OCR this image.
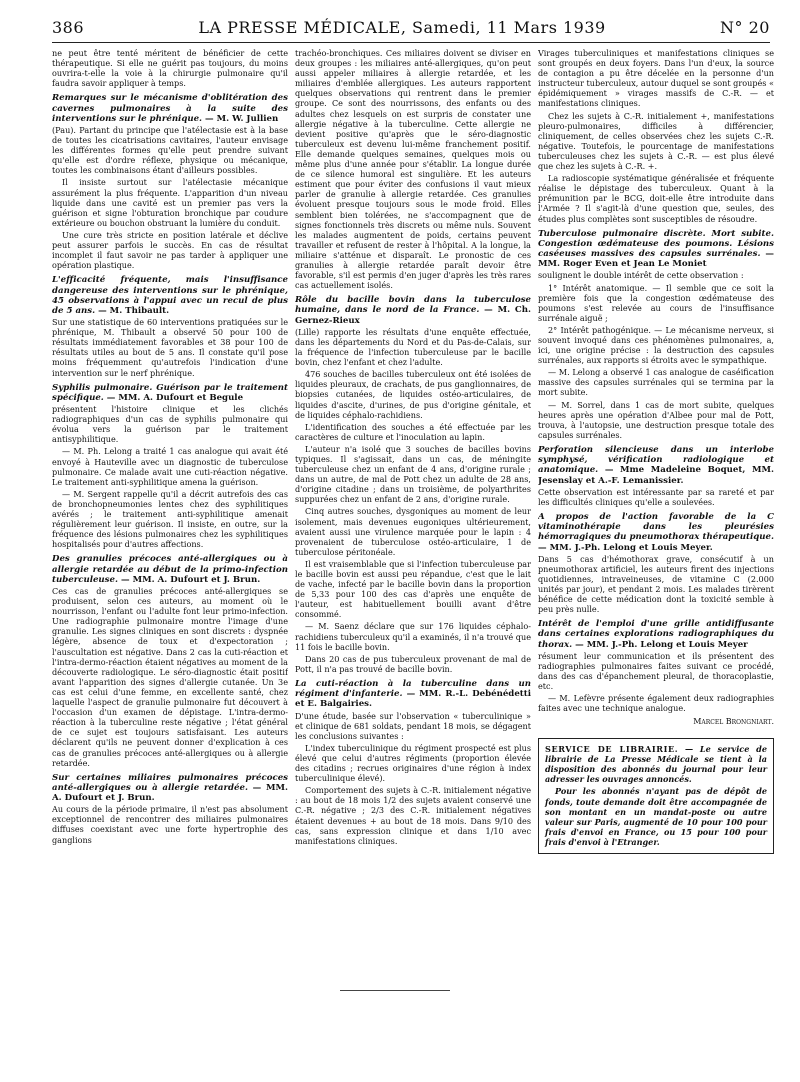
386	LA PRESSE MÉDICALE, Samedi, 11 Mars 1939	N° 20

ne peut être tenté méritent de bénéficier de cette thérapeutique. Si elle ne guérit pas toujours, du moins ouvrira-t-elle la voie à la chirurgie pulmonaire qu'il faudra savoir appliquer à temps.

Remarques sur le mécanisme d'oblitération des cavernes pulmonaires à la suite des interventions sur le phrénique. — M. W. Jullien

(Pau). Partant du principe que l'atélectasie est à la base de toutes les cicatrisations cavitaires, l'auteur envisage les différentes formes qu'elle peut prendre suivant qu'elle est d'ordre réflexe, physique ou mécanique, toutes les combinaisons étant d'ailleurs possibles.

Il insiste surtout sur l'atélectasie mécanique assurément la plus fréquente. L'apparition d'un niveau liquide dans une cavité est un premier pas vers la guérison et signe l'obturation bronchique par coudure extérieure ou bouchon obstruant la lumière du conduit.

Une cure très stricte en position latérale et déclive peut assurer parfois le succès. En cas de résultat incomplet il faut savoir ne pas tarder à appliquer une opération plastique.

L'efficacité fréquente, mais l'insuffisance dangereuse des interventions sur le phrénique, 45 observations à l'appui avec un recul de plus de 5 ans. — M. Thibault.

Sur une statistique de 60 interventions pratiquées sur le phrénique, M. Thibault a observé 50 pour 100 de résultats immédiatement favorables et 38 pour 100 de résultats utiles au bout de 5 ans. Il constate qu'il pose moins fréquemment qu'autrefois l'indication d'une intervention sur le nerf phrénique.

Syphilis pulmonaire. Guérison par le traitement spécifique. — MM. A. Dufourt et Begule

présentent l'histoire clinique et les clichés radiographiques d'un cas de syphilis pulmonaire qui évolua vers la guérison par le traitement antisyphilitique.

— M. Ph. Lelong a traité 1 cas analogue qui avait été envoyé à Hauteville avec un diagnostic de tuberculose pulmonaire. Ce malade avait une cuti-réaction négative. Le traitement anti-syphilitique amena la guérison.

— M. Sergent rappelle qu'il a décrit autrefois des cas de bronchopneumonies lentes chez des syphilitiques avérés ; le traitement anti-syphilitique amenait régulièrement leur guérison. Il insiste, en outre, sur la fréquence des lésions pulmonaires chez les syphilitiques hospitalisés pour d'autres affections.

Des granulies précoces anté-allergiques ou à allergie retardée au début de la primo-infection tuberculeuse. — MM. A. Dufourt et J. Brun.

Ces cas de granulies précoces anté-allergiques se produisent, selon ces auteurs, au moment où le nourrisson, l'enfant ou l'adulte font leur primo-infection. Une radiographie pulmonaire montre l'image d'une granulie. Les signes cliniques en sont discrets : dyspnée légère, absence de toux et d'expectoration ; l'auscultation est négative. Dans 2 cas la cuti-réaction et l'intra-dermo-réaction étaient négatives au moment de la découverte radiologique. Le séro-diagnostic était positif avant l'apparition des signes d'allergie cutanée. Un 3e cas est celui d'une femme, en excellente santé, chez laquelle l'aspect de granulie pulmonaire fut découvert à l'occasion d'un examen de dépistage. L'intra-dermo-réaction à la tuberculine reste négative ; l'état général de ce sujet est toujours satisfaisant. Les auteurs déclarent qu'ils ne peuvent donner d'explication à ces cas de granulies précoces anté-allergiques ou à allergie retardée.

Sur certaines miliaires pulmonaires précoces anté-allergiques ou à allergie retardée. — MM. A. Dufourt et J. Brun.

Au cours de la période primaire, il n'est pas absolument exceptionnel de rencontrer des miliaires pulmonaires diffuses coexistant avec une forte hypertrophie des ganglions

trachéo-bronchiques. Ces miliaires doivent se diviser en deux groupes : les miliaires anté-allergiques, qu'on peut aussi appeler miliaires à allergie retardée, et les miliaires d'emblée allergiques. Les auteurs rapportent quelques observations qui rentrent dans le premier groupe. Ce sont des nourrissons, des enfants ou des adultes chez lesquels on est surpris de constater une allergie négative à la tuberculine. Cette allergie ne devient positive qu'après que le séro-diagnostic tuberculeux est devenu lui-même franchement positif. Elle demande quelques semaines, quelques mois ou même plus d'une année pour s'établir. La longue durée de ce silence humoral est singulière. Et les auteurs estiment que pour éviter des confusions il vaut mieux parler de granulie à allergie retardée. Ces granulies évoluent presque toujours sous le mode froid. Elles semblent bien tolérées, ne s'accompagnent que de signes fonctionnels très discrets ou même nuls. Souvent les malades augmentent de poids, certains peuvent travailler et refusent de rester à l'hôpital. A la longue, la miliaire s'atténue et disparaît. Le pronostic de ces granulies à allergie retardée paraît devoir être favorable, s'il est permis d'en juger d'après les très rares cas actuellement isolés.

Rôle du bacille bovin dans la tuberculose humaine, dans le nord de la France. — M. Ch. Gernez-Rieux

(Lille) rapporte les résultats d'une enquête effectuée, dans les départements du Nord et du Pas-de-Calais, sur la fréquence de l'infection tuberculeuse par le bacille bovin, chez l'enfant et chez l'adulte.

476 souches de bacilles tuberculeux ont été isolées de liquides pleuraux, de crachats, de pus ganglionnaires, de biopsies cutanées, de liquides ostéo-articulaires, de liquides d'ascite, d'urines, de pus d'origine génitale, et de liquides céphalo-rachidiens.

L'identification des souches a été effectuée par les caractères de culture et l'inoculation au lapin.

L'auteur n'a isolé que 3 souches de bacilles bovins typiques. Il s'agissait, dans un cas, de méningite tuberculeuse chez un enfant de 4 ans, d'origine rurale ; dans un autre, de mal de Pott chez un adulte de 28 ans, d'origine citadine ; dans un troisième, de polyarthrites suppurées chez un enfant de 2 ans, d'origine rurale.

Cinq autres souches, dysgoniques au moment de leur isolement, mais devenues eugoniques ultérieurement, avaient aussi une virulence marquée pour le lapin : 4 provenaient de tuberculose ostéo-articulaire, 1 de tuberculose péritonéale.

Il est vraisemblable que si l'infection tuberculeuse par le bacille bovin est aussi peu répandue, c'est que le lait de vache, infecté par le bacille bovin dans la proportion de 5,33 pour 100 des cas d'après une enquête de l'auteur, est habituellement bouilli avant d'être consommé.

— M. Saenz déclare que sur 176 liquides céphalo-rachidiens tuberculeux qu'il a examinés, il n'a trouvé que 11 fois le bacille bovin.

Dans 20 cas de pus tuberculeux provenant de mal de Pott, il n'a pas trouvé de bacille bovin.

La cuti-réaction à la tuberculine dans un régiment d'infanterie. — MM. R.-L. Debénédetti et E. Balgairies.

D'une étude, basée sur l'observation « tuberculinique » et clinique de 681 soldats, pendant 18 mois, se dégagent les conclusions suivantes :

L'index tuberculinique du régiment prospecté est plus élevé que celui d'autres régiments (proportion élevée des citadins ; recrues originaires d'une région à index tuberculinique élevé).

Comportement des sujets à C.-R. initialement négative : au bout de 18 mois 1/2 des sujets avaient conservé une C.-R. négative ; 2/3 des C.-R. initialement négatives étaient devenues + au bout de 18 mois. Dans 9/10 des cas, sans expression clinique et dans 1/10 avec manifestations cliniques.

Virages tuberculiniques et manifestations cliniques se sont groupés en deux foyers. Dans l'un d'eux, la source de contagion a pu être décelée en la personne d'un instructeur tuberculeux, autour duquel se sont groupés « épidémiquement » virages massifs de C.-R. — et manifestations cliniques.

Chez les sujets à C.-R. initialement +, manifestations pleuro-pulmonaires, difficiles à différencier, cliniquement, de celles observées chez les sujets C.-R. négative. Toutefois, le pourcentage de manifestations tuberculeuses chez les sujets à C.-R. — est plus élevé que chez les sujets à C.-R. +.

La radioscopie systématique généralisée et fréquente réalise le dépistage des tuberculeux. Quant à la prémunition par le BCG, doit-elle être introduite dans l'Armée ? Il s'agit-là d'une question que, seules, des études plus complètes sont susceptibles de résoudre.

Tuberculose pulmonaire discrète. Mort subite. Congestion œdémateuse des poumons. Lésions caséeuses massives des capsules surrénales. — MM. Roger Even et Jean Le Moniet

soulignent le double intérêt de cette observation :

1° Intérêt anatomique. — Il semble que ce soit la première fois que la congestion œdémateuse des poumons s'est relevée au cours de l'insuffisance surrénale aiguë ;

2° Intérêt pathogénique. — Le mécanisme nerveux, si souvent invoqué dans ces phénomènes pulmonaires, a, ici, une origine précise : la destruction des capsules surrénales, aux rapports si étroits avec le sympathique.

— M. Lelong a observé 1 cas analogue de caséification massive des capsules surrénales qui se termina par la mort subite.

— M. Sorrel, dans 1 cas de mort subite, quelques heures après une opération d'Albee pour mal de Pott, trouva, à l'autopsie, une destruction presque totale des capsules surrénales.

Perforation silencieuse dans un interlobe symphysé, vérification radiologique et anatomique. — Mme Madeleine Boquet, MM. Jesenslay et A.-F. Lemanissier.

Cette observation est intéressante par sa rareté et par les difficultés cliniques qu'elle a soulevées.

A propos de l'action favorable de la C vitaminothérapie dans les pleurésies hémorragiques du pneumothorax thérapeutique. — MM. J.-Ph. Lelong et Louis Meyer.

Dans 5 cas d'hémothorax grave, consécutif à un pneumothorax artificiel, les auteurs firent des injections quotidiennes, intraveineuses, de vitamine C (2.000 unités par jour), et pendant 2 mois. Les malades tirèrent bénéfice de cette médication dont la toxicité semble à peu près nulle.

Intérêt de l'emploi d'une grille antidiffusante dans certaines explorations radiographiques du thorax. — MM. J.-Ph. Lelong et Louis Meyer

résument leur communication et ils présentent des radiographies pulmonaires faites suivant ce procédé, dans des cas d'épanchement pleural, de thoracoplastie, etc.

— M. Lefèvre présente également deux radiographies faites avec une technique analogue.

Marcel Brongniart.
SERVICE DE LIBRAIRIE. — Le service de librairie de La Presse Médicale se tient à la disposition des abonnés du journal pour leur adresser les ouvrages annoncés.
Pour les abonnés n'ayant pas de dépôt de fonds, toute demande doit être accompagnée de son montant en un mandat-poste ou autre valeur sur Paris, augmenté de 10 pour 100 pour frais d'envoi en France, ou 15 pour 100 pour frais d'envoi à l'Etranger.
